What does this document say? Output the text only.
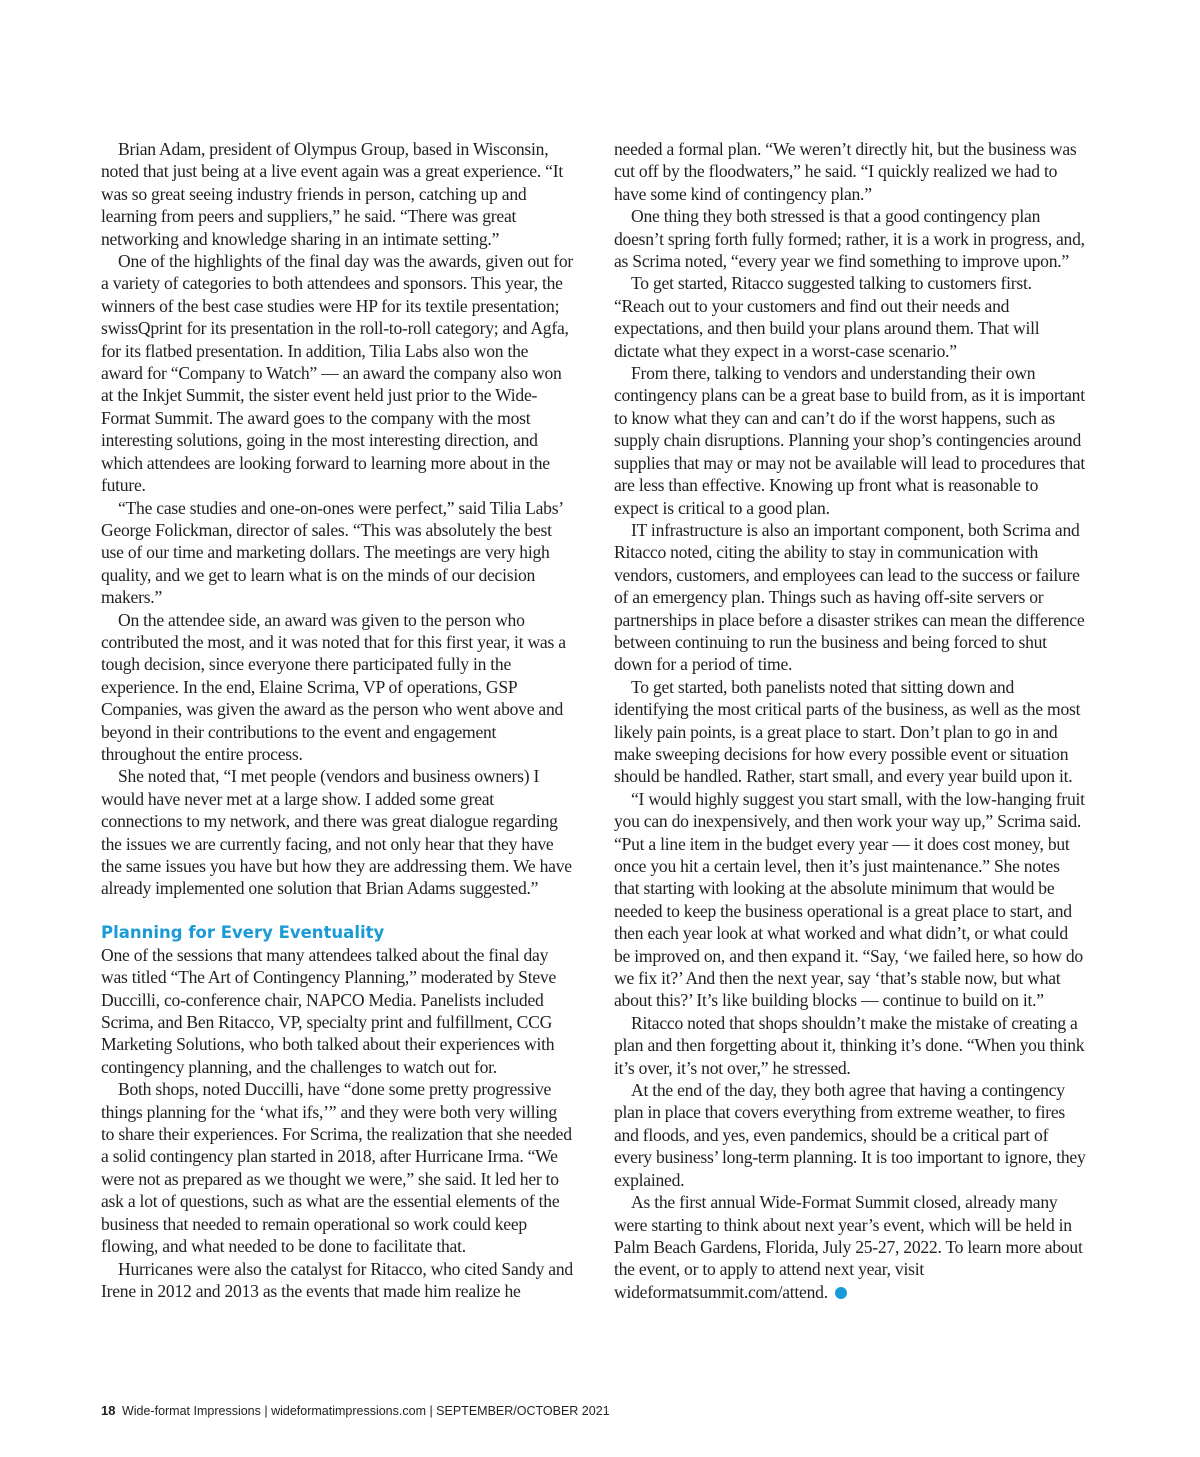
Brian Adam, president of Olympus Group, based in Wisconsin, noted that just being at a live event again was a great experience. “It was so great seeing industry friends in person, catching up and learning from peers and suppliers,” he said. “There was great networking and knowledge sharing in an intimate setting.”

One of the highlights of the final day was the awards, given out for a variety of categories to both attendees and sponsors. This year, the winners of the best case studies were HP for its textile presentation; swissQprint for its presentation in the roll-to-roll category; and Agfa, for its flatbed presentation. In addition, Tilia Labs also won the award for “Company to Watch” — an award the company also won at the Inkjet Summit, the sister event held just prior to the Wide-Format Summit. The award goes to the company with the most interesting solutions, going in the most interesting direction, and which attendees are looking forward to learning more about in the future.

“The case studies and one-on-ones were perfect,” said Tilia Labs’ George Folickman, director of sales. “This was absolutely the best use of our time and marketing dollars. The meetings are very high quality, and we get to learn what is on the minds of our decision makers.”

On the attendee side, an award was given to the person who contributed the most, and it was noted that for this first year, it was a tough decision, since everyone there participated fully in the experience. In the end, Elaine Scrima, VP of operations, GSP Companies, was given the award as the person who went above and beyond in their contributions to the event and engagement throughout the entire process.

She noted that, “I met people (vendors and business owners) I would have never met at a large show. I added some great connections to my network, and there was great dialogue regarding the issues we are currently facing, and not only hear that they have the same issues you have but how they are addressing them. We have already implemented one solution that Brian Adams suggested.”

Planning for Every Eventuality

One of the sessions that many attendees talked about the final day was titled “The Art of Contingency Planning,” moderated by Steve Duccilli, co-conference chair, NAPCO Media. Panelists included Scrima, and Ben Ritacco, VP, specialty print and fulfillment, CCG Marketing Solutions, who both talked about their experiences with contingency planning, and the challenges to watch out for.

Both shops, noted Duccilli, have “done some pretty progressive things planning for the ‘what ifs,’” and they were both very willing to share their experiences. For Scrima, the realization that she needed a solid contingency plan started in 2018, after Hurricane Irma. “We were not as prepared as we thought we were,” she said. It led her to ask a lot of questions, such as what are the essential elements of the business that needed to remain operational so work could keep flowing, and what needed to be done to facilitate that.

Hurricanes were also the catalyst for Ritacco, who cited Sandy and Irene in 2012 and 2013 as the events that made him realize he

needed a formal plan. “We weren’t directly hit, but the business was cut off by the floodwaters,” he said. “I quickly realized we had to have some kind of contingency plan.”

One thing they both stressed is that a good contingency plan doesn’t spring forth fully formed; rather, it is a work in progress, and, as Scrima noted, “every year we find something to improve upon.”

To get started, Ritacco suggested talking to customers first. “Reach out to your customers and find out their needs and expectations, and then build your plans around them. That will dictate what they expect in a worst-case scenario.”

From there, talking to vendors and understanding their own contingency plans can be a great base to build from, as it is important to know what they can and can’t do if the worst happens, such as supply chain disruptions. Planning your shop’s contingencies around supplies that may or may not be available will lead to procedures that are less than effective. Knowing up front what is reasonable to expect is critical to a good plan.

IT infrastructure is also an important component, both Scrima and Ritacco noted, citing the ability to stay in communication with vendors, customers, and employees can lead to the success or failure of an emergency plan. Things such as having off-site servers or partnerships in place before a disaster strikes can mean the difference between continuing to run the business and being forced to shut down for a period of time.

To get started, both panelists noted that sitting down and identifying the most critical parts of the business, as well as the most likely pain points, is a great place to start. Don’t plan to go in and make sweeping decisions for how every possible event or situation should be handled. Rather, start small, and every year build upon it.

“I would highly suggest you start small, with the low-hanging fruit you can do inexpensively, and then work your way up,” Scrima said. “Put a line item in the budget every year — it does cost money, but once you hit a certain level, then it’s just maintenance.” She notes that starting with looking at the absolute minimum that would be needed to keep the business operational is a great place to start, and then each year look at what worked and what didn’t, or what could be improved on, and then expand it. “Say, ‘we failed here, so how do we fix it?’ And then the next year, say ‘that’s stable now, but what about this?’ It’s like building blocks — continue to build on it.”

Ritacco noted that shops shouldn’t make the mistake of creating a plan and then forgetting about it, thinking it’s done. “When you think it’s over, it’s not over,” he stressed.

At the end of the day, they both agree that having a contingency plan in place that covers everything from extreme weather, to fires and floods, and yes, even pandemics, should be a critical part of every business’ long-term planning. It is too important to ignore, they explained.

As the first annual Wide-Format Summit closed, already many were starting to think about next year’s event, which will be held in Palm Beach Gardens, Florida, July 25-27, 2022. To learn more about the event, or to apply to attend next year, visit wideformatsummit.com/attend.

18 Wide-format Impressions | wideformatimpressions.com | SEPTEMBER/OCTOBER 2021
